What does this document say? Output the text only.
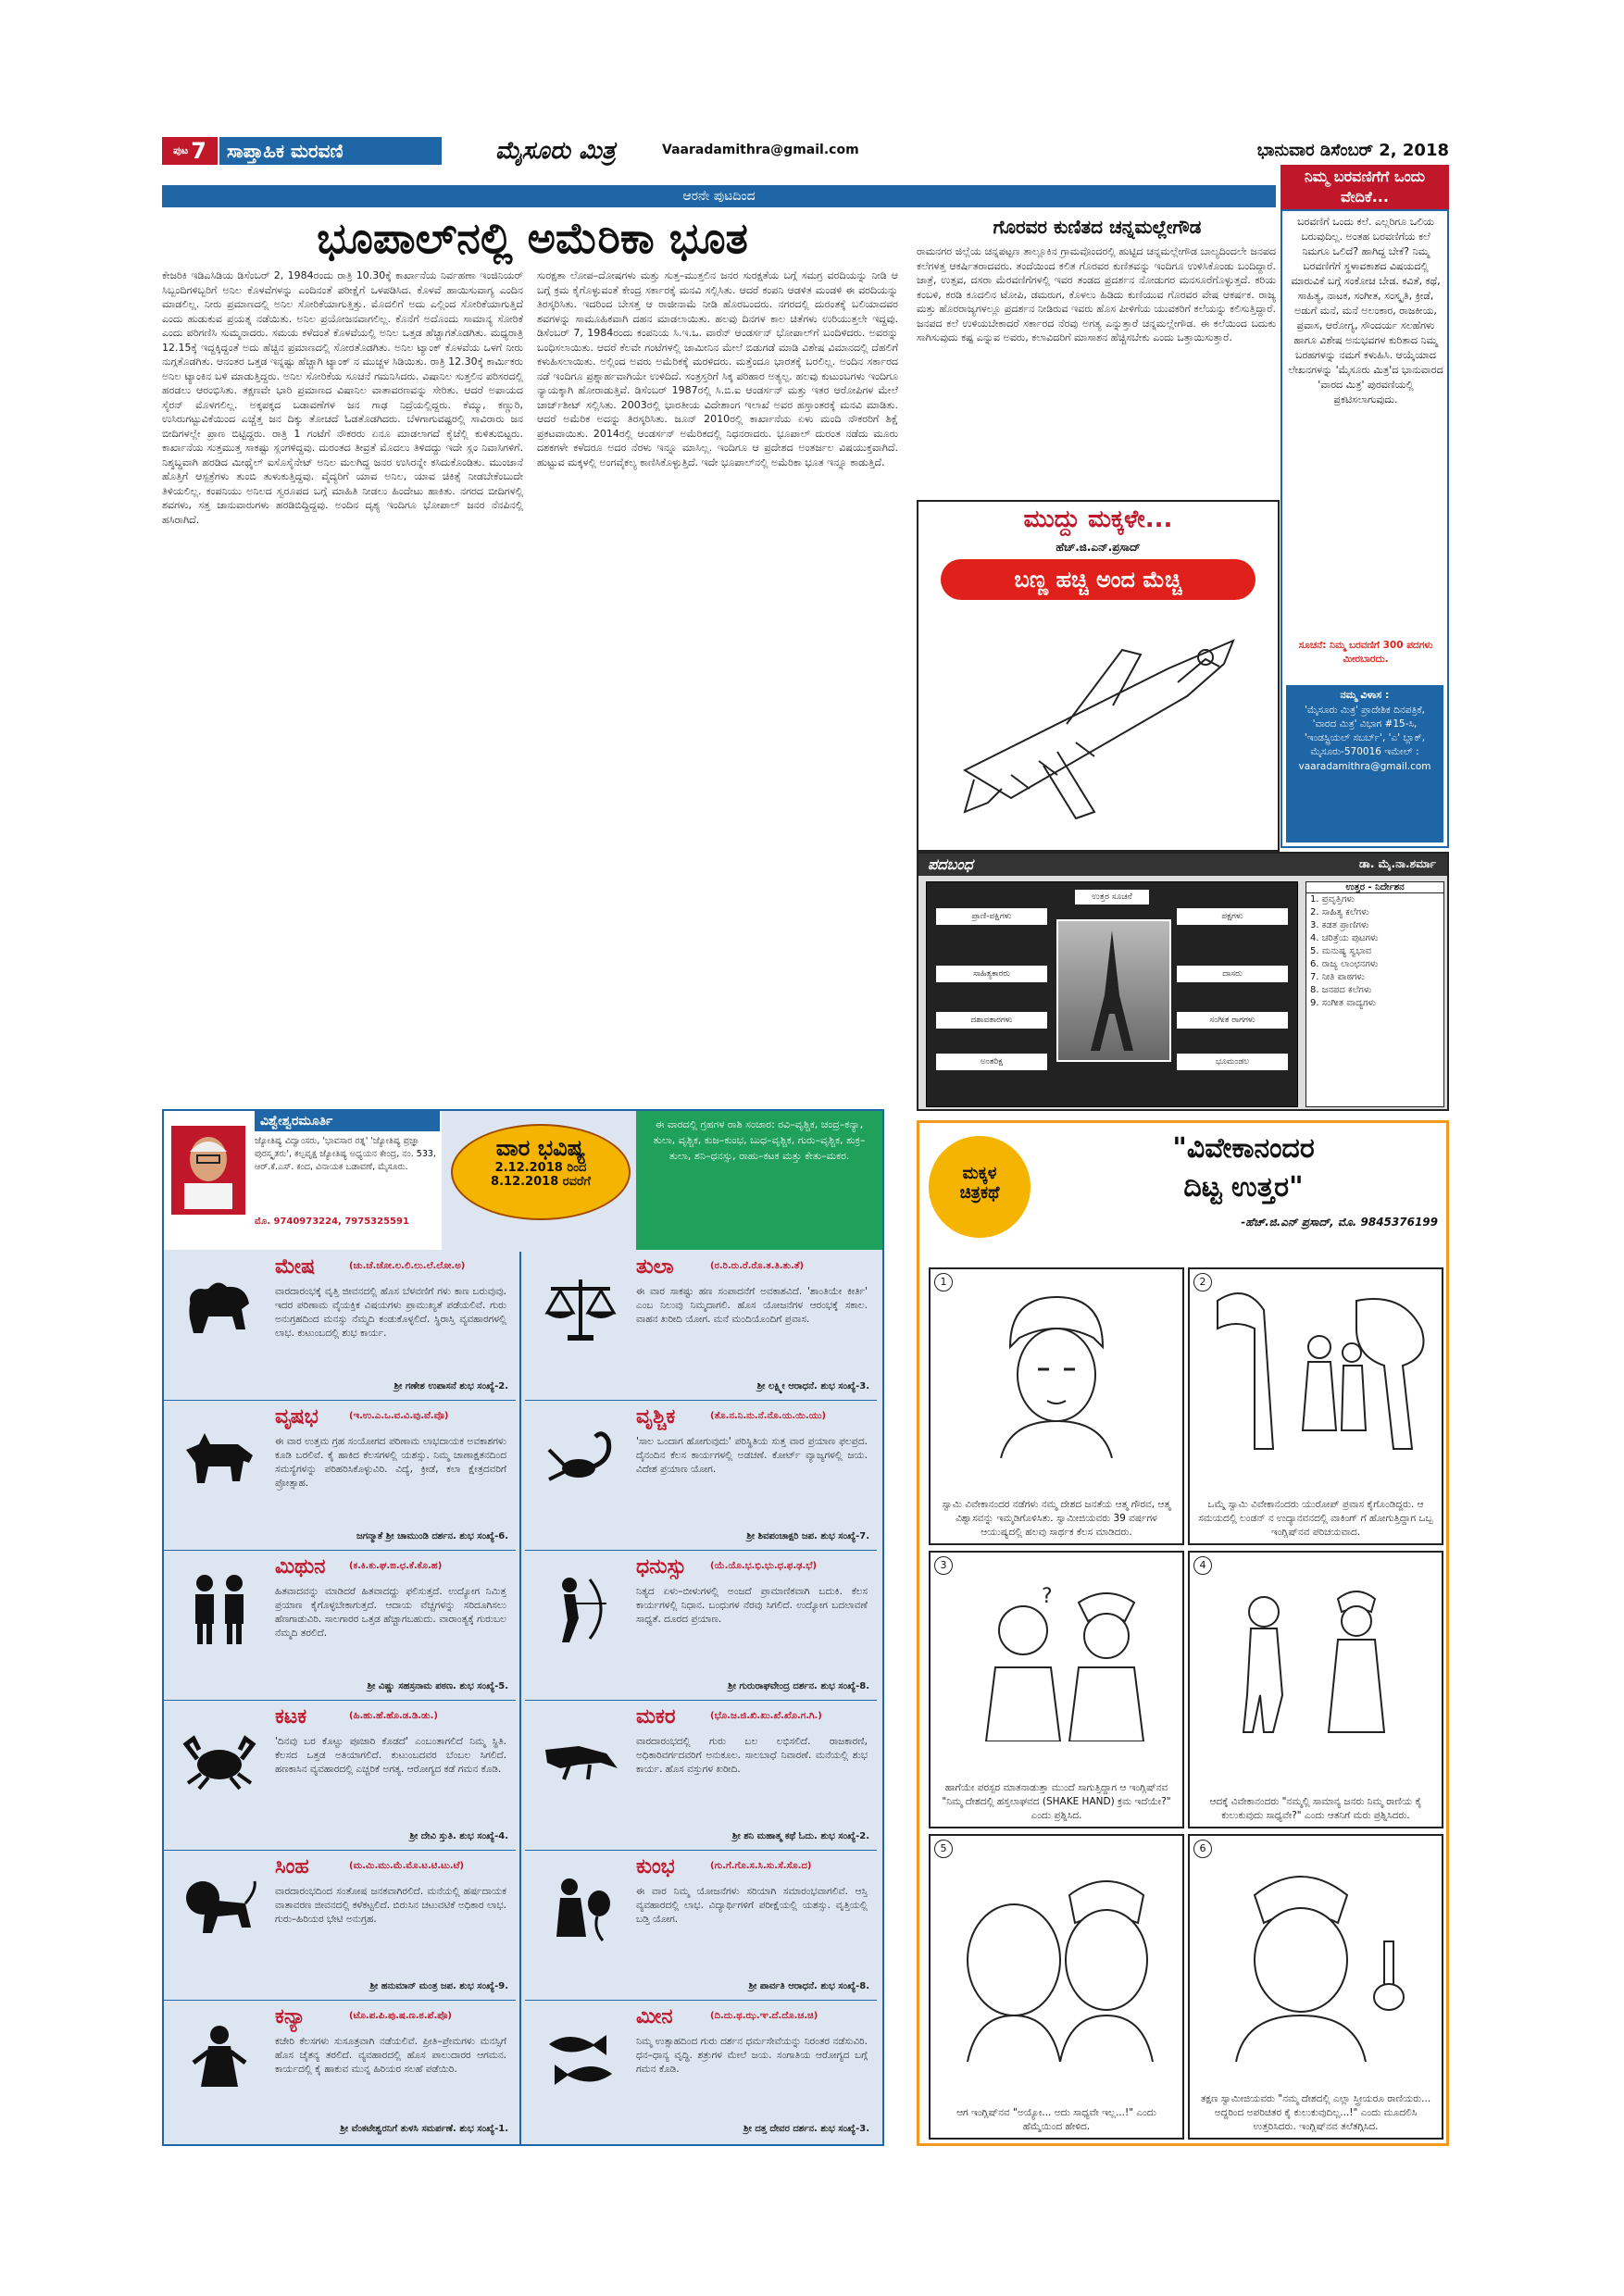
ಪುಟ 7	ಸಾಪ್ತಾಹಿಕ ಮರವಣಿ	ಮೈಸೂರು ಮಿತ್ರ	Vaaradamithra@gmail.com	ಭಾನುವಾರ ಡಿಸೆಂಬರ್ 2, 2018
ನಿಮ್ಮ ಬರವಣಿಗೆಗೆ ಒಂದು ವೇದಿಕೆ...
ಆರನೇ ಪುಟದಿಂದ
ಭೂಪಾಲ್‌ನಲ್ಲಿ ಅಮೆರಿಕಾ ಭೂತ	ಗೊರವರ ಕುಣಿತದ ಚನ್ನಮಲ್ಲೇಗೌಡ
ಕೇಜರಿಕಿ ಇಡಿಎಸಿಡಿಯ ಡಿಸೆಂಬರ್ 2, 1984ರಂದು ರಾತ್ರಿ 10.30ಕ್ಕೆ ಕಾರ್ಖಾನೆಯ ನಿರ್ವಹಣಾ ಇಂಜಿನಿಯರ್ ಸಿಬ್ಬಂದಿಗಳಿಬ್ಬರಿಗೆ ಅನಿಲ ಕೊಳವೆಗಳನ್ನು ಎಂದಿನಂತೆ ಪರೀಕ್ಷೆಗೆ ಒಳಪಡಿಸಿದ. ಕೊಳವೆ ಹಾಯಿಸುವಾಗ್ಯ ಎಂದಿನ ಮಾಡಲಿಲ್ಲ. ನೀರು ಪ್ರಮಾಣದಲ್ಲಿ ಅನಿಲ ಸೋರಿಕೆಯಾಗುತ್ತಿತ್ತು. ಮೊದಲಿಗೆ ಅದು ಎಲ್ಲಿಂದ ಸೋರಿಕೆಯಾಗುತ್ತಿದೆ ಎಂದು ಹುಡುಕುವ ಪ್ರಯತ್ನ ನಡೆಯಿತು. ಅನಿಲ ಪ್ರಯೋಜನವಾಗಲಿಲ್ಲ. ಕೊನೆಗೆ ಅದೊಂದು ಸಾಮಾನ್ಯ ಸೋರಿಕೆ ಎಂದು ಪರಿಗಣಿಸಿ ಸುಮ್ಮನಾದರು. ಸಮಯ ಕಳೆದಂತೆ ಕೊಳವೆಯಲ್ಲಿ ಅನಿಲ ಒತ್ತಡ ಹೆಚ್ಚಾಗತೊಡಗಿತು. ಮಧ್ಯರಾತ್ರಿ 12.15ಕ್ಕೆ ಇದ್ದಕ್ಕಿದ್ದಂತೆ ಅದು ಹೆಚ್ಚಿನ ಪ್ರಮಾಣದಲ್ಲಿ ಸೋರತೊಡಗಿತು. ಅನಿಲ ಟ್ಯಾಂಕ್ ಕೊಳವೆಯ ಒಳಗೆ ನೀರು ನುಗ್ಗತೊಡಗಿತು. ಆನಂತರ ಒತ್ತಡ ಇನ್ನಷ್ಟು ಹೆಚ್ಚಾಗಿ ಟ್ಯಾಂಕ್ ನ ಮುಚ್ಚಳ ಸಿಡಿಯಿತು. ರಾತ್ರಿ 12.30ಕ್ಕೆ ಕಾರ್ಮಿಕರು ಅನಿಲ ಟ್ಯಾಂಕಿನ ಬಳಿ ಮಾಡುತ್ತಿದ್ದರು. ಅನಿಲ ಸೋರಿಕೆಯ ಸೂಚನೆ ಗಮನಿಸಿದರು. ವಿಷಾನಿಲ ಸುತ್ತಲಿನ ಪರಿಸರದಲ್ಲಿ ಹರಡಲು ಆರಂಭಿಸಿತು. ತಕ್ಷಣವೇ ಭಾರಿ ಪ್ರಮಾಣದ ವಿಷಾನಿಲ ವಾತಾವರಣವನ್ನು ಸೇರಿತು. ಆದರೆ ಅಪಾಯದ ಸೈರನ್ ಮೊಳಗಲಿಲ್ಲ. ಅಕ್ಕಪಕ್ಕದ ಬಡಾವಣೆಗಳ ಜನ ಗಾಢ ನಿದ್ರೆಯಲ್ಲಿದ್ದರು. ಕೆಮ್ಮು, ಕಣ್ಣುರಿ, ಉಸಿರುಗಟ್ಟುವಿಕೆಯಿಂದ ಎಚ್ಚೆತ್ತ ಜನ ದಿಕ್ಕು ತೋಚದೆ ಓಡತೊಡಗಿದರು. ಬೆಳಗಾಗುವಷ್ಟರಲ್ಲಿ ಸಾವಿರಾರು ಜನ ಬೀದಿಗಳಲ್ಲೇ ಪ್ರಾಣ ಬಿಟ್ಟಿದ್ದರು. ರಾತ್ರಿ 1 ಗಂಟೆಗೆ ನೌಕರರು ಏನೂ ಮಾಡಲಾಗದೆ ಕೈಚೆಲ್ಲಿ ಕುಳಿತುಬಿಟ್ಟರು. ಕಾರ್ಖಾನೆಯ ಸುತ್ತಮುತ್ತ ಸಾಕಷ್ಟು ಸ್ಲಂಗಳಿದ್ದವು. ದುರಂತದ ತೀವ್ರತೆ ಮೊದಲು ತಿಳಿದದ್ದು ಇದೇ ಸ್ಲಂ ನಿವಾಸಿಗಳಿಗೆ. ನಿಶ್ಶಬ್ದವಾಗಿ ಹರಡಿದ ಮೀಥೈಲ್ ಐಸೊಸೈನೇಟ್ ಅನಿಲ ಮಲಗಿದ್ದ ಜನರ ಉಸಿರನ್ನೇ ಕಸಿದುಕೊಂಡಿತು. ಮುಂಜಾನೆ ಹೊತ್ತಿಗೆ ಆಸ್ಪತ್ರೆಗಳು ತುಂಬಿ ತುಳುಕುತ್ತಿದ್ದವು. ವೈದ್ಯರಿಗೆ ಯಾವ ಅನಿಲ, ಯಾವ ಚಿಕಿತ್ಸೆ ನೀಡಬೇಕೆಂಬುದೇ ತಿಳಿಯಲಿಲ್ಲ. ಕಂಪನಿಯು ಅನಿಲದ ಸ್ವರೂಪದ ಬಗ್ಗೆ ಮಾಹಿತಿ ನೀಡಲು ಹಿಂದೇಟು ಹಾಕಿತು. ನಗರದ ಬೀದಿಗಳಲ್ಲಿ ಶವಗಳು, ಸತ್ತ ಜಾನುವಾರುಗಳು ಹರಡಿಬಿದ್ದಿದ್ದವು. ಅಂದಿನ ದೃಶ್ಯ ಇಂದಿಗೂ ಭೋಪಾಲ್ ಜನರ ನೆನಪಿನಲ್ಲಿ ಹಸಿರಾಗಿದೆ.
ಸುರಕ್ಷತಾ ಲೋಪ–ದೋಷಗಳು ಮತ್ತು ಸುತ್ತ–ಮುತ್ತಲಿನ ಜನರ ಸುರಕ್ಷತೆಯ ಬಗ್ಗೆ ಸಮಗ್ರ ವರದಿಯನ್ನು ನೀಡಿ ಆ ಬಗ್ಗೆ ಕ್ರಮ ಕೈಗೊಳ್ಳುವಂತೆ ಕೇಂದ್ರ ಸರ್ಕಾರಕ್ಕೆ ಮನವಿ ಸಲ್ಲಿಸಿತು. ಆದರೆ ಕಂಪನಿ ಆಡಳಿತ ಮಂಡಳಿ ಈ ವರದಿಯನ್ನು ತಿರಸ್ಕರಿಸಿತು. ಇದರಿಂದ ಬೇಸತ್ತ ಆ ರಾಜೀನಾಮೆ ನೀಡಿ ಹೊರಬಂದರು. ನಗರದಲ್ಲಿ ದುರಂತಕ್ಕೆ ಬಲಿಯಾದವರ ಶವಗಳನ್ನು ಸಾಮೂಹಿಕವಾಗಿ ದಹನ ಮಾಡಲಾಯಿತು. ಹಲವು ದಿನಗಳ ಕಾಲ ಚಿತೆಗಳು ಉರಿಯುತ್ತಲೇ ಇದ್ದವು. ಡಿಸೆಂಬರ್ 7, 1984ರಂದು ಕಂಪನಿಯ ಸಿ.ಇ.ಒ. ವಾರೆನ್ ಆಂಡರ್ಸನ್ ಭೋಪಾಲ್‌ಗೆ ಬಂದಿಳಿದರು. ಅವರನ್ನು ಬಂಧಿಸಲಾಯಿತು. ಆದರೆ ಕೆಲವೇ ಗಂಟೆಗಳಲ್ಲಿ ಜಾಮೀನಿನ ಮೇಲೆ ಬಿಡುಗಡೆ ಮಾಡಿ ವಿಶೇಷ ವಿಮಾನದಲ್ಲಿ ದೆಹಲಿಗೆ ಕಳುಹಿಸಲಾಯಿತು. ಅಲ್ಲಿಂದ ಅವರು ಅಮೆರಿಕಕ್ಕೆ ಮರಳಿದರು. ಮತ್ತೆಂದೂ ಭಾರತಕ್ಕೆ ಬರಲಿಲ್ಲ. ಅಂದಿನ ಸರ್ಕಾರದ ನಡೆ ಇಂದಿಗೂ ಪ್ರಶ್ನಾರ್ಹವಾಗಿಯೇ ಉಳಿದಿದೆ. ಸಂತ್ರಸ್ತರಿಗೆ ಸಿಕ್ಕ ಪರಿಹಾರ ಅತ್ಯಲ್ಪ. ಹಲವು ಕುಟುಂಬಗಳು ಇಂದಿಗೂ ನ್ಯಾಯಕ್ಕಾಗಿ ಹೋರಾಡುತ್ತಿವೆ. ಡಿಸೆಂಬರ್ 1987ರಲ್ಲಿ ಸಿ.ಬಿ.ಐ ಆಂಡರ್ಸನ್ ಮತ್ತು ಇತರ ಆರೋಪಿಗಳ ಮೇಲೆ ಚಾರ್ಜ್‌ಶೀಟ್ ಸಲ್ಲಿಸಿತು. 2003ರಲ್ಲಿ ಭಾರತೀಯ ವಿದೇಶಾಂಗ ಇಲಾಖೆ ಅವರ ಹಸ್ತಾಂತರಕ್ಕೆ ಮನವಿ ಮಾಡಿತು. ಆದರೆ ಅಮೆರಿಕ ಅದನ್ನು ತಿರಸ್ಕರಿಸಿತು. ಜೂನ್ 2010ರಲ್ಲಿ ಕಾರ್ಖಾನೆಯ ಏಳು ಮಂದಿ ನೌಕರರಿಗೆ ಶಿಕ್ಷೆ ಪ್ರಕಟವಾಯಿತು. 2014ರಲ್ಲಿ ಆಂಡರ್ಸನ್ ಅಮೆರಿಕದಲ್ಲಿ ನಿಧನರಾದರು. ಭೂಪಾಲ್ ದುರಂತ ನಡೆದು ಮೂರು ದಶಕಗಳೇ ಕಳೆದರೂ ಅದರ ನೆರಳು ಇನ್ನೂ ಮಾಸಿಲ್ಲ. ಇಂದಿಗೂ ಆ ಪ್ರದೇಶದ ಅಂತರ್ಜಲ ವಿಷಯುಕ್ತವಾಗಿದೆ. ಹುಟ್ಟುವ ಮಕ್ಕಳಲ್ಲಿ ಅಂಗವೈಕಲ್ಯ ಕಾಣಿಸಿಕೊಳ್ಳುತ್ತಿದೆ. ಇದೇ ಭೂಪಾಲ್‌ನಲ್ಲಿ ಅಮೆರಿಕಾ ಭೂತ ಇನ್ನೂ ಕಾಡುತ್ತಿದೆ.
ರಾಮನಗರ ಜಿಲ್ಲೆಯ ಚನ್ನಪಟ್ಟಣ ತಾಲ್ಲೂಕಿನ ಗ್ರಾಮವೊಂದರಲ್ಲಿ ಹುಟ್ಟಿದ ಚನ್ನಮಲ್ಲೇಗೌಡ ಬಾಲ್ಯದಿಂದಲೇ ಜನಪದ ಕಲೆಗಳತ್ತ ಆಕರ್ಷಿತರಾದವರು. ತಂದೆಯಿಂದ ಕಲಿತ ಗೊರವರ ಕುಣಿತವನ್ನು ಇಂದಿಗೂ ಉಳಿಸಿಕೊಂಡು ಬಂದಿದ್ದಾರೆ. ಜಾತ್ರೆ, ಉತ್ಸವ, ದಸರಾ ಮೆರವಣಿಗೆಗಳಲ್ಲಿ ಇವರ ತಂಡದ ಪ್ರದರ್ಶನ ನೋಡುಗರ ಮನಸೂರೆಗೊಳ್ಳುತ್ತದೆ. ಕರಿಯ ಕಂಬಳಿ, ಕರಡಿ ಕೂದಲಿನ ಟೋಪಿ, ಡಮರುಗ, ಕೊಳಲು ಹಿಡಿದು ಕುಣಿಯುವ ಗೊರವರ ವೇಷ ಆಕರ್ಷಕ. ರಾಜ್ಯ ಮತ್ತು ಹೊರರಾಜ್ಯಗಳಲ್ಲೂ ಪ್ರದರ್ಶನ ನೀಡಿರುವ ಇವರು ಹೊಸ ಪೀಳಿಗೆಯ ಯುವಕರಿಗೆ ಕಲೆಯನ್ನು ಕಲಿಸುತ್ತಿದ್ದಾರೆ. ಜನಪದ ಕಲೆ ಉಳಿಯಬೇಕಾದರೆ ಸರ್ಕಾರದ ನೆರವು ಅಗತ್ಯ ಎನ್ನುತ್ತಾರೆ ಚನ್ನಮಲ್ಲೇಗೌಡ. ಈ ಕಲೆಯಿಂದ ಬದುಕು ಸಾಗಿಸುವುದು ಕಷ್ಟ ಎನ್ನುವ ಅವರು, ಕಲಾವಿದರಿಗೆ ಮಾಸಾಶನ ಹೆಚ್ಚಿಸಬೇಕು ಎಂದು ಒತ್ತಾಯಿಸುತ್ತಾರೆ.
ಮುದ್ದು ಮಕ್ಕಳೇ...
ಹೆಚ್.ಜಿ.ಎನ್.ಪ್ರಸಾದ್
ಬಣ್ಣ ಹಚ್ಚಿ ಅಂದ ಮೆಚ್ಚಿ
ಬರವಣಿಗೆ ಒಂದು ಕಲೆ. ಎಲ್ಲರಿಗೂ ಒಲಿಯ ಬರುವುದಿಲ್ಲ. ಅಂತಹ ಬರವಣಿಗೆಯ ಕಲೆ ನಿಮಗೂ ಒಲಿದೆ? ಹಾಗಿದ್ದ ಬೇಕೆ? ನಿಮ್ಮ ಬರವಣಿಗೆಗೆ ಸ್ಥಳಾವಕಾಶದ ವಿಷಯದಲ್ಲಿ ಮಾರುವಿಕೆ ಬಗ್ಗೆ ಸಂಕೋಚ ಬೇಡ. ಕವಿತೆ, ಕಥೆ, ಸಾಹಿತ್ಯ, ನಾಟಕ, ಸಂಗೀತ, ಸಂಸ್ಕೃತಿ, ಕ್ರೀಡೆ, ಅಡುಗೆ ಮನೆ, ಮನೆ ಅಲಂಕಾರ, ರಾಜಕೀಯ, ಪ್ರವಾಸ, ಆರೋಗ್ಯ, ಸೌಂದರ್ಯ ಸಲಹೆಗಳು ಹಾಗೂ ವಿಶೇಷ ಅನುಭವಗಳ ಕುರಿತಾದ ನಿಮ್ಮ ಬರಹಗಳನ್ನು ನಮಗೆ ಕಳುಹಿಸಿ. ಆಯ್ಕೆಯಾದ ಲೇಖನಗಳನ್ನು 'ಮೈಸೂರು ಮಿತ್ರ'ದ ಭಾನುವಾರದ 'ವಾರದ ಮಿತ್ರ' ಪುರವಣಿಯಲ್ಲಿ ಪ್ರಕಟಿಸಲಾಗುವುದು.
ಸೂಚನೆ: ನಿಮ್ಮ ಬರವಣಿಗೆ 300 ಪದಗಳು ಮೀರಬಾರದು.
ನಮ್ಮ ವಿಳಾಸ :
'ಮೈಸೂರು ಮಿತ್ರ' ಪ್ರಾದೇಶಿಕ ದಿನಪತ್ರಿಕೆ, 'ವಾರದ ಮಿತ್ರ' ವಿಭಾಗ #15-ಸಿ, 'ಇಂಡಸ್ಟ್ರಿಯಲ್ ಸಬರ್ಬ್', 'ಎ' ಬ್ಲಾಕ್, ಮೈಸೂರು-570016 ಇಮೇಲ್ :
vaaradamithra@gmail.com
ಪದಬಂಧ	ಡಾ. ಮೈ.ನಾ.ಶರ್ಮಾ
ಪ್ರಾಣಿ-ಪಕ್ಷಿಗಳು
ಸಾಹಿತ್ಯಕಾರರು
ಪಕ್ಷಗಳು
ಉತ್ತರ ಸೂಚನೆ
ದಾಸರು
ದಶಾವತಾರಗಳು	ಸಂಗೀತ ರಾಗಗಳು
ಅಂತರಿಕ್ಷ	ಭೂಮಂಡಲ
ಉತ್ತರ - ನಿರ್ದೇಶನ
1. ಪ್ರವೃತ್ತಿಗಳು
2. ಸಾಹಿತ್ಯ ಕಲೆಗಳು
3. ಕಡತ ಪ್ರಾಣಿಗಳು
4. ಚರಿತ್ರೆಯ ಪುಟಗಳು
5. ಮನುಷ್ಯ ಸ್ವಭಾವ
6. ರಾಜ್ಯ ಲಾಂಛನಗಳು
7. ನೀತಿ ಪಾಠಗಳು
8. ಜನಪದ ಕಲೆಗಳು
9. ಸಂಗೀತ ವಾದ್ಯಗಳು
ವಿಶ್ವೇಶ್ವರಮೂರ್ತಿ
ಜ್ಯೋತಿಷ್ಯ ವಿದ್ವಾಂಸರು, 'ಭಾವಸಾರ ರತ್ನ' 'ಜ್ಯೋತಿಷ್ಯ ಪ್ರಜ್ಞಾ ಪುರಸ್ಕೃತರು', ಕಲ್ಪವೃಕ್ಷ ಜ್ಯೋತಿಷ್ಯ ಅಧ್ಯಯನ ಕೇಂದ್ರ, ನಂ. 533, ಆರ್.ಕೆ.ಎಸ್. ಕಂದ, ವಿನಾಯಕ ಬಡಾವಣೆ, ಮೈಸೂರು.
ಮೊ. 9740973224, 7975325591
ವಾರ ಭವಿಷ್ಯ
2.12.2018 ರಿಂದ
8.12.2018 ರವರೆಗೆ
ಈ ವಾರದಲ್ಲಿ ಗ್ರಹಗಳ ರಾಶಿ ಸಂಚಾರ: ರವಿ–ವೃಶ್ಚಿಕ, ಚಂದ್ರ–ಕನ್ಯಾ, ತುಲಾ, ವೃಶ್ಚಿಕ, ಕುಜ–ಕುಂಭ, ಬುಧ–ವೃಶ್ಚಿಕ, ಗುರು–ವೃಶ್ಚಿಕ, ಶುಕ್ರ–ತುಲಾ, ಶನಿ–ಧನಸ್ಸು, ರಾಹು–ಕಟಕ ಮತ್ತು ಕೇತು–ಮಕರ.
ಮೇಷ	(ಚು.ಚೆ.ಚೋ.ಲ.ಲಿ.ಲು.ಲೆ.ಲೋ.ಅ)
ವಾರದಾರಂಭಕ್ಕೆ ವೃತ್ತಿ ಜೀವನದಲ್ಲಿ ಹೊಸ ಬೆಳವಣಿಗೆ ಗಳು ಕಾಣ ಬರುವುವು. ಇದರ ಪರಿಣಾಮ ವೈಯಕ್ತಿಕ ವಿಷಯಗಳು ಪ್ರಾಮುಖ್ಯತೆ ಪಡೆಯಲಿವೆ. ಗುರು ಅನುಗ್ರಹದಿಂದ ಮನಸ್ಸು ನೆಮ್ಮದಿ ಕಂಡುಕೊಳ್ಳಲಿದೆ. ಸ್ಥಿರಾಸ್ತಿ ವ್ಯವಹಾರಗಳಲ್ಲಿ ಲಾಭ. ಕುಟುಂಬದಲ್ಲಿ ಶುಭ ಕಾರ್ಯ.
ಶ್ರೀ ಗಣೇಶ ಉಪಾಸನೆ ಶುಭ ಸಂಖ್ಯೆ-2.
ವೃಷಭ	(ಇ.ಉ.ಎ.ಒ.ವ.ವಿ.ವು.ವೆ.ವೊ)
ಈ ವಾರ ಉತ್ತಮ ಗ್ರಹ ಸಂಯೋಗದ ಪರಿಣಾಮ ಲಾಭದಾಯಕ ಅವಕಾಶಗಳು ಕೂಡಿ ಬರಲಿವೆ. ಕೈ ಹಾಕಿದ ಕೆಲಸಗಳಲ್ಲಿ ಯಶಸ್ಸು. ನಿಮ್ಮ ಚಾಣಾಕ್ಷತನದಿಂದ ಸಮಸ್ಯೆಗಳನ್ನು ಪರಿಹರಿಸಿಕೊಳ್ಳುವಿರಿ. ವಿದ್ಯೆ, ಕ್ರೀಡೆ, ಕಲಾ ಕ್ಷೇತ್ರದವರಿಗೆ ಪ್ರೋತ್ಸಾಹ.
ಜಗನ್ಮಾತೆ ಶ್ರೀ ಚಾಮುಂಡಿ ದರ್ಶನ. ಶುಭ ಸಂಖ್ಯೆ-6.
ಮಿಥುನ	(ಕ.ಕಿ.ಕು.ಘ.ಙ.ಛ.ಕೆ.ಕೊ.ಹ)
ಹಿತವಾದವನ್ನು ಮಾಡಿದರೆ ಹಿತವಾದದ್ದು ಫಲಿಸುತ್ತದೆ. ಉದ್ಯೋಗ ನಿಮಿತ್ತ ಪ್ರಯಾಣ ಕೈಗೊಳ್ಳಬೇಕಾಗುತ್ತದೆ. ಆದಾಯ ವೆಚ್ಚಗಳನ್ನು ಸರಿದೂಗಿಸಲು ಹೆಣಗಾಡುವಿರಿ. ಸಾಲಗಾರರ ಒತ್ತಡ ಹೆಚ್ಚಾಗಬಹುದು. ವಾರಾಂತ್ಯಕ್ಕೆ ಗುರುಬಲ ನೆಮ್ಮದಿ ತರಲಿದೆ.
ಶ್ರೀ ವಿಷ್ಣು ಸಹಸ್ರನಾಮ ಪಠಣ. ಶುಭ ಸಂಖ್ಯೆ-5.
ಕಟಕ	(ಹಿ.ಹು.ಹೆ.ಹೊ.ಡ.ಡಿ.ಡು.)
'ದಿನವು ಬರ ಕೊಟ್ಟು ಪೂಜಾರಿ ಕೊಡದೆ' ಎಂಬಂತಾಗಲಿದೆ ನಿಮ್ಮ ಸ್ಥಿತಿ. ಕೆಲಸದ ಒತ್ತಡ ಅತಿಯಾಗಲಿದೆ. ಕುಟುಂಬದವರ ಬೆಂಬಲ ಸಿಗಲಿದೆ. ಹಣಕಾಸಿನ ವ್ಯವಹಾರದಲ್ಲಿ ಎಚ್ಚರಿಕೆ ಅಗತ್ಯ. ಆರೋಗ್ಯದ ಕಡೆ ಗಮನ ಕೊಡಿ.
ಶ್ರೀ ದೇವಿ ಸ್ತುತಿ. ಶುಭ ಸಂಖ್ಯೆ-4.
ಸಿಂಹ	(ಮ.ಮಿ.ಮು.ಮೆ.ಮೊ.ಟ.ಟಿ.ಟು.ಟೆ)
ವಾರದಾರಂಭದಿಂದ ಸಂತೋಷ ಜನಕವಾಗಿರಲಿದೆ. ಮನೆಯಲ್ಲಿ ಹರ್ಷದಾಯಕ ವಾತಾವರಣ ಜೀವನದಲ್ಲಿ ಕಳೆಕಟ್ಟಲಿದೆ. ಬಿರುಸಿನ ಚಟುವಟಿಕೆ ಅಧಿಕಾರ ಲಾಭ. ಗುರು–ಹಿರಿಯರ ಭೇಟಿ ಅನುಗ್ರಹ.
ಶ್ರೀ ಹನುಮಾನ್ ಮಂತ್ರ ಜಪ. ಶುಭ ಸಂಖ್ಯೆ-9.
ಕನ್ಯಾ	(ಟೊ.ಪ.ಪಿ.ಪು.ಷ.ಣ.ಠ.ಪೆ.ಪೊ)
ಕಚೇರಿ ಕೆಲಸಗಳು ಸುಸೂತ್ರವಾಗಿ ನಡೆಯಲಿವೆ. ಪ್ರೀತಿ–ಪ್ರೇಮಗಳು ಮನಸ್ಸಿಗೆ ಹೊಸ ಚೈತನ್ಯ ತರಲಿದೆ. ವ್ಯವಹಾರದಲ್ಲಿ ಹೊಸ ಪಾಲುದಾರರ ಆಗಮನ. ಕಾರ್ಯದಲ್ಲಿ ಕೈ ಹಾಕುವ ಮುನ್ನ ಹಿರಿಯರ ಸಲಹೆ ಪಡೆಯಿರಿ.
ಶ್ರೀ ವೆಂಕಟೇಶ್ವರನಿಗೆ ತುಳಸಿ ಸಮರ್ಪಣೆ. ಶುಭ ಸಂಖ್ಯೆ-1.
ತುಲಾ	(ರ.ರಿ.ರು.ರೆ.ರೊ.ತ.ತಿ.ತು.ತೆ)
ಈ ವಾರ ಸಾಕಷ್ಟು ಹಣ ಸಂಪಾದನೆಗೆ ಅವಕಾಶವಿದೆ. 'ಶಾಂತಿಯೇ ಕೀರ್ತಿ' ಎಂಬ ನಿಲುವು ನಿಮ್ಮದಾಗಲಿ. ಹೊಸ ಯೋಜನೆಗಳ ಆರಂಭಕ್ಕೆ ಸಕಾಲ. ವಾಹನ ಖರೀದಿ ಯೋಗ. ಮನೆ ಮಂದಿಯೊಂದಿಗೆ ಪ್ರವಾಸ.
ಶ್ರೀ ಲಕ್ಷ್ಮೀ ಆರಾಧನೆ. ಶುಭ ಸಂಖ್ಯೆ-3.
ವೃಶ್ಚಿಕ	(ತೊ.ನ.ನಿ.ನು.ನೆ.ನೊ.ಯ.ಯಿ.ಯು)
'ಸಾಲ ಒಂದಾಗ ಹೋಗುವುದು' ಪರಿಸ್ಥಿತಿಯ ಸುತ್ತ ವಾರ ಪ್ರಯಾಣ ಫಲಪ್ರದ. ದೈನಂದಿನ ಕೆಲಸ ಕಾರ್ಯಗಳಲ್ಲಿ ಅಡಚಣೆ. ಕೋರ್ಟ್ ವ್ಯಾಜ್ಯಗಳಲ್ಲಿ ಜಯ. ವಿದೇಶ ಪ್ರಯಾಣ ಯೋಗ.
ಶ್ರೀ ಶಿವಪಂಚಾಕ್ಷರಿ ಜಪ. ಶುಭ ಸಂಖ್ಯೆ-7.
ಧನುಸ್ಸು	(ಯೆ.ಯೊ.ಭ.ಭಿ.ಭು.ಧ.ಫ.ಢ.ಭೆ)
ನಿತ್ಯದ ಏಳು–ಬೀಳುಗಳಲ್ಲಿ ಅಂಜದೆ ಪ್ರಾಮಾಣಿಕವಾಗಿ ಬದುಕಿ. ಕೆಲಸ ಕಾರ್ಯಗಳಲ್ಲಿ ನಿಧಾನ. ಬಂಧುಗಳ ನೆರವು ಸಿಗಲಿದೆ. ಉದ್ಯೋಗ ಬದಲಾವಣೆ ಸಾಧ್ಯತೆ. ದೂರದ ಪ್ರಯಾಣ.
ಶ್ರೀ ಗುರುರಾಘವೇಂದ್ರ ದರ್ಶನ. ಶುಭ ಸಂಖ್ಯೆ-8.
ಮಕರ	(ಭೊ.ಜ.ಜಿ.ಖಿ.ಖು.ಖೆ.ಖೊ.ಗ.ಗಿ.)
ವಾರದಾರಂಭದಲ್ಲಿ ಗುರು ಬಲ ಲಭಿಸಲಿದೆ. ರಾಜಕಾರಣಿ, ಅಧಿಕಾರಿವರ್ಗದವರಿಗೆ ಅನುಕೂಲ. ಸಾಲಬಾಧೆ ನಿವಾರಣೆ. ಮನೆಯಲ್ಲಿ ಶುಭ ಕಾರ್ಯ. ಹೊಸ ವಸ್ತುಗಳ ಖರೀದಿ.
ಶ್ರೀ ಶನಿ ಮಹಾತ್ಮ ಕಥೆ ಓದು. ಶುಭ ಸಂಖ್ಯೆ-2.
ಕುಂಭ	(ಗು.ಗೆ.ಗೊ.ಸ.ಸಿ.ಸು.ಸೆ.ಸೊ.ದ)
ಈ ವಾರ ನಿಮ್ಮ ಯೋಜನೆಗಳು ಸರಿಯಾಗಿ ಸಮಾರಂಭವಾಗಲಿವೆ. ಆಸ್ತಿ ವ್ಯವಹಾರದಲ್ಲಿ ಲಾಭ. ವಿದ್ಯಾರ್ಥಿಗಳಿಗೆ ಪರೀಕ್ಷೆಯಲ್ಲಿ ಯಶಸ್ಸು. ವೃತ್ತಿಯಲ್ಲಿ ಬಡ್ತಿ ಯೋಗ.
ಶ್ರೀ ಪಾರ್ವತಿ ಆರಾಧನೆ. ಶುಭ ಸಂಖ್ಯೆ-8.
ಮೀನ	(ದಿ.ದು.ಥ.ಝ.ಞ.ದೆ.ದೊ.ಚ.ಚಿ)
ನಿಮ್ಮ ಉತ್ಸಾಹದಿಂದ ಗುರು ದರ್ಶನ ಧರ್ಮಸೇವೆಯನ್ನು ನಿರಂತರ ನಡೆಸುವಿರಿ. ಧನ–ಧಾನ್ಯ ವೃದ್ಧಿ. ಶತ್ರುಗಳ ಮೇಲೆ ಜಯ. ಸಂಗಾತಿಯ ಆರೋಗ್ಯದ ಬಗ್ಗೆ ಗಮನ ಕೊಡಿ.
ಶ್ರೀ ದತ್ತ ದೇವರ ದರ್ಶನ. ಶುಭ ಸಂಖ್ಯೆ-3.
ಮಕ್ಕಳ
ಚಿತ್ರಕಥೆ
"ವಿವೇಕಾನಂದರ
ದಿಟ್ಟ ಉತ್ತರ"
-ಹೆಚ್.ಜಿ.ಎನ್ ಪ್ರಸಾದ್, ಮೊ. 9845376199
1
ಸ್ವಾಮಿ ವಿವೇಕಾನಂದರ ನಡೆಗಳು ನಮ್ಮ ದೇಶದ ಜನತೆಯ ಆತ್ಮ ಗೌರವ, ಆತ್ಮ ವಿಶ್ವಾಸವನ್ನು ಇಮ್ಮಡಿಗೊಳಿಸಿತು. ಸ್ವಾಮೀಜಿಯವರು 39 ವರ್ಷಗಳ ಆಯುಷ್ಯದಲ್ಲಿ ಹಲವು ಸಾರ್ಥಕ ಕೆಲಸ ಮಾಡಿದರು.
2
ಒಮ್ಮೆ ಸ್ವಾಮಿ ವಿವೇಕಾನಂದರು ಯುರೋಪ್ ಪ್ರವಾಸ ಕೈಗೊಂಡಿದ್ದರು. ಆ ಸಮಯದಲ್ಲಿ ಲಂಡನ್ ನ ಉದ್ಯಾನವನದಲ್ಲಿ ವಾಕಿಂಗ್ ಗೆ ಹೋಗುತ್ತಿದ್ದಾಗ ಒಬ್ಬ ಇಂಗ್ಲಿಷ್‌ನವ ಪರಿಚಯವಾದ.
3
?
ಹಾಗೆಯೇ ಪರಸ್ಪರ ಮಾತನಾಡುತ್ತಾ ಮುಂದೆ ಸಾಗುತ್ತಿದ್ದಾಗ ಆ ಇಂಗ್ಲಿಷ್‌ನವ "ನಿಮ್ಮ ದೇಶದಲ್ಲಿ ಹಸ್ತಲಾಘವದ (SHAKE HAND) ಕ್ರಮ ಇದೆಯೇ?" ಎಂದು ಪ್ರಶ್ನಿಸಿದ.
4
ಆದಕ್ಕೆ ವಿವೇಕಾನಂದರು "ನಮ್ಮಲ್ಲಿ ಸಾಮಾನ್ಯ ಜನರು ನಿಮ್ಮ ರಾಣಿಯ ಕೈ ಕುಲುಕುವುದು ಸಾಧ್ಯವೇ?" ಎಂದು ಆತನಿಗೆ ಮರು ಪ್ರಶ್ನಿಸಿದರು.
5
ಆಗ ಇಂಗ್ಲಿಷ್‌ನವ "ಅಯ್ಯೋ... ಅದು ಸಾಧ್ಯವೇ ಇಲ್ಲ...!" ಎಂದು ಹೆಮ್ಮೆಯಿಂದ ಹೇಳಿದ.
6
ತಕ್ಷಣ ಸ್ವಾಮೀಜಿಯವರು "ನಮ್ಮ ದೇಶದಲ್ಲಿ ಎಲ್ಲಾ ಸ್ತ್ರೀಯರೂ ರಾಣಿಯರು... ಅದ್ದರಿಂದ ಅಪರಿಚಿತರ ಕೈ ಕುಲುಕುವುದಿಲ್ಲ...!" ಎಂದು ಮೂದಲಿಸಿ ಉತ್ತರಿಸಿದರು. ಇಂಗ್ಲಿಷ್‌ನವ ತಲೆತಗ್ಗಿಸಿದ.
